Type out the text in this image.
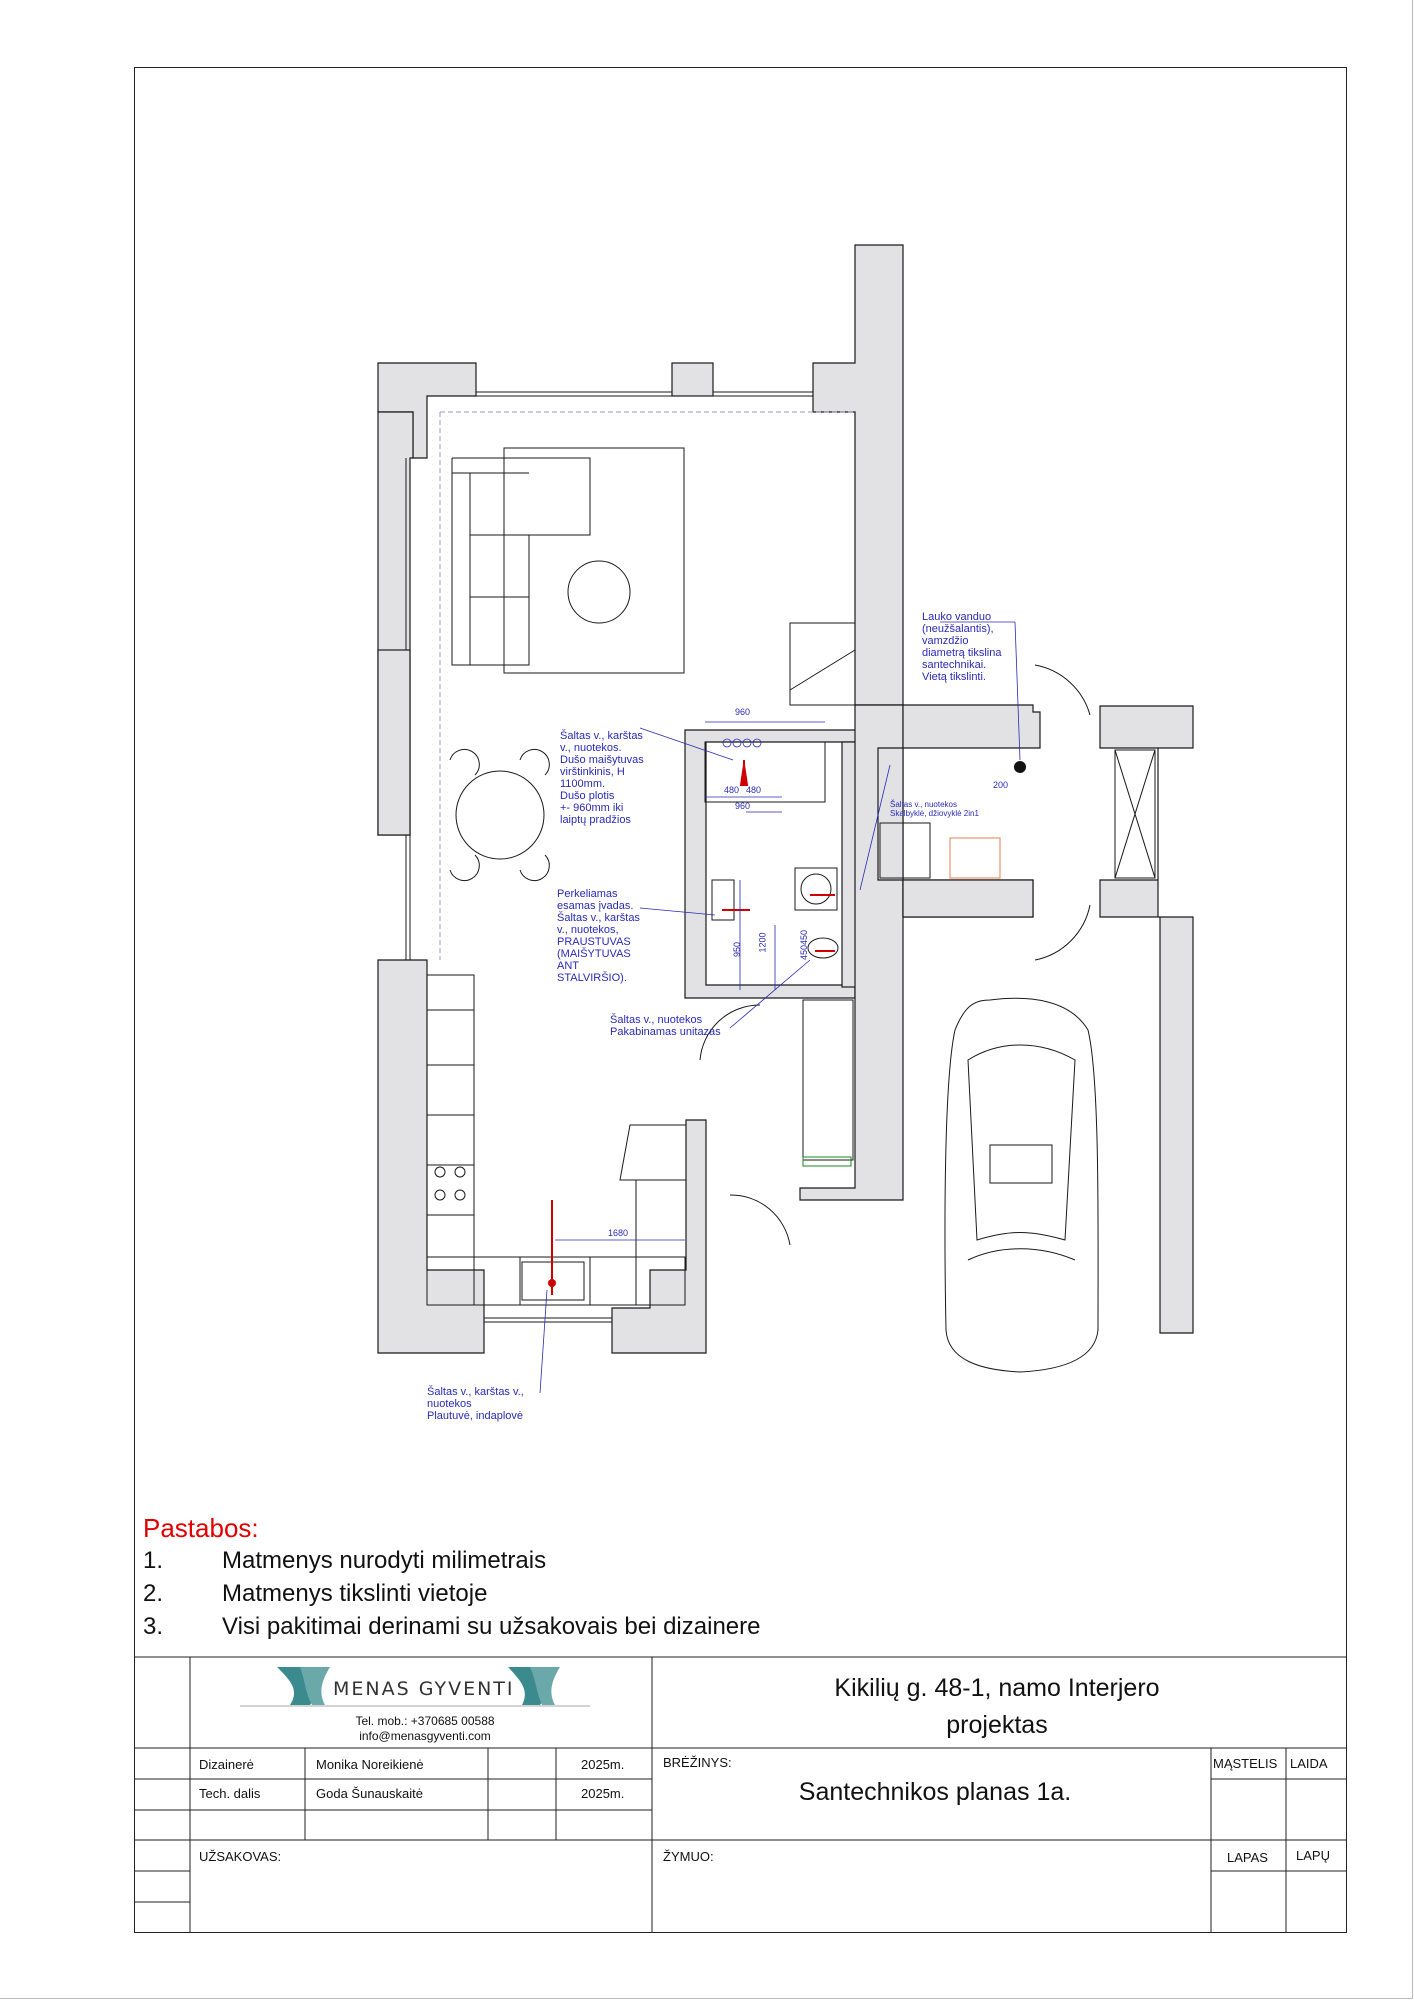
Lauko vanduo
(neužšalantis),
vamzdžio
diametrą tikslina
santechnikai.
Vietą tikslinti.
Šaltas v., karštas
v., nuotekos.
Dušo maišytuvas
virštinkinis, H
1100mm.
Dušo plotis
+- 960mm iki
laiptų pradžios
Šaltas v., nuotekos
Skalbyklė, džiovyklė 2in1
Perkeliamas
esamas įvadas.
Šaltas v., karštas
v., nuotekos,
PRAUSTUVAS
(MAIŠYTUVAS
ANT
STALVIRŠIO).
Šaltas v., nuotekos
Pakabinamas unitazas
Šaltas v., karštas v.,
nuotekos
Plautuvė, indaplovė
960
480 480
960
200
950 1200	450
450
1680
Pastabos:
1.	Matmenys nurodyti milimetrais
2.	Matmenys tikslinti vietoje
3.	Visi pakitimai derinami su užsakovais bei dizainere
MENAS GYVENTI
Tel. mob.: +370685 00588
info@menasgyventi.com
Kikilių g. 48-1, namo Interjero
projektas
Dizainerė	Monika Noreikienė	2025m.
Tech. dalis	Goda Šunauskaitė	2025m.
BRĖŽINYS:
Santechnikos planas 1a.
MĄSTELIS LAIDA
UŽSAKOVAS:	ŽYMUO:	LAPAS LAPŲ
